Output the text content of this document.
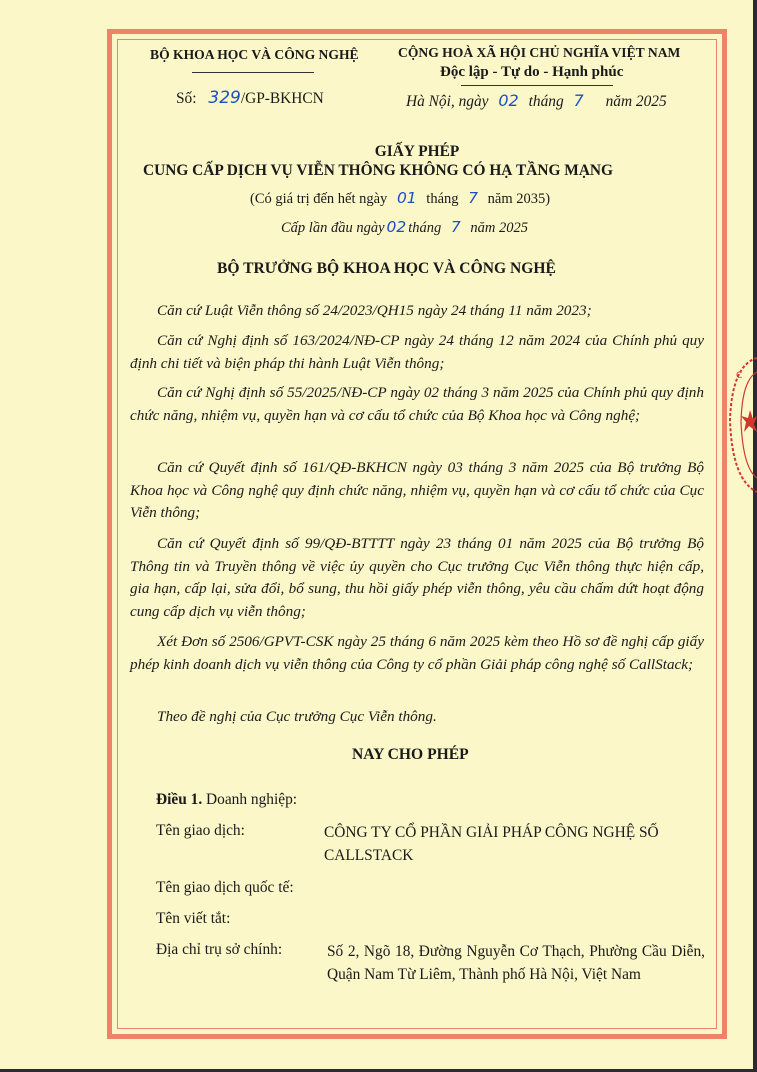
BỘ KHOA HỌC VÀ CÔNG NGHỆ
Số: 329/GP-BKHCN
CỘNG HOÀ XÃ HỘI CHỦ NGHĨA VIỆT NAM
Độc lập - Tự do - Hạnh phúc
Hà Nội, ngày 02 tháng 7 năm 2025
GIẤY PHÉP
CUNG CẤP DỊCH VỤ VIỄN THÔNG KHÔNG CÓ HẠ TẦNG MẠNG
(Có giá trị đến hết ngày 01 tháng 7 năm 2035)
Cấp lần đầu ngày 02 tháng 7 năm 2025
BỘ TRƯỞNG BỘ KHOA HỌC VÀ CÔNG NGHỆ

Căn cứ Luật Viễn thông số 24/2023/QH15 ngày 24 tháng 11 năm 2023;

Căn cứ Nghị định số 163/2024/NĐ-CP ngày 24 tháng 12 năm 2024 của Chính phủ quy định chi tiết và biện pháp thi hành Luật Viễn thông;

Căn cứ Nghị định số 55/2025/NĐ-CP ngày 02 tháng 3 năm 2025 của Chính phủ quy định chức năng, nhiệm vụ, quyền hạn và cơ cấu tổ chức của Bộ Khoa học và Công nghệ;

Căn cứ Quyết định số 161/QĐ-BKHCN ngày 03 tháng 3 năm 2025 của Bộ trưởng Bộ Khoa học và Công nghệ quy định chức năng, nhiệm vụ, quyền hạn và cơ cấu tổ chức của Cục Viễn thông;

Căn cứ Quyết định số 99/QĐ-BTTTT ngày 23 tháng 01 năm 2025 của Bộ trưởng Bộ Thông tin và Truyền thông về việc ủy quyền cho Cục trưởng Cục Viễn thông thực hiện cấp, gia hạn, cấp lại, sửa đổi, bổ sung, thu hồi giấy phép viễn thông, yêu cầu chấm dứt hoạt động cung cấp dịch vụ viễn thông;

Xét Đơn số 2506/GPVT-CSK ngày 25 tháng 6 năm 2025 kèm theo Hồ sơ đề nghị cấp giấy phép kinh doanh dịch vụ viễn thông của Công ty cổ phần Giải pháp công nghệ số CallStack;

Theo đề nghị của Cục trưởng Cục Viễn thông.

NAY CHO PHÉP
Điều 1. Doanh nghiệp:
Tên giao dịch:	CÔNG TY CỔ PHẦN GIẢI PHÁP CÔNG NGHỆ SỐ CALLSTACK
Tên giao dịch quốc tế:
Tên viết tắt:
Địa chỉ trụ sở chính:	Số 2, Ngõ 18, Đường Nguyễn Cơ Thạch, Phường Cầu Diễn, Quận Nam Từ Liêm, Thành phố Hà Nội, Việt Nam
C
